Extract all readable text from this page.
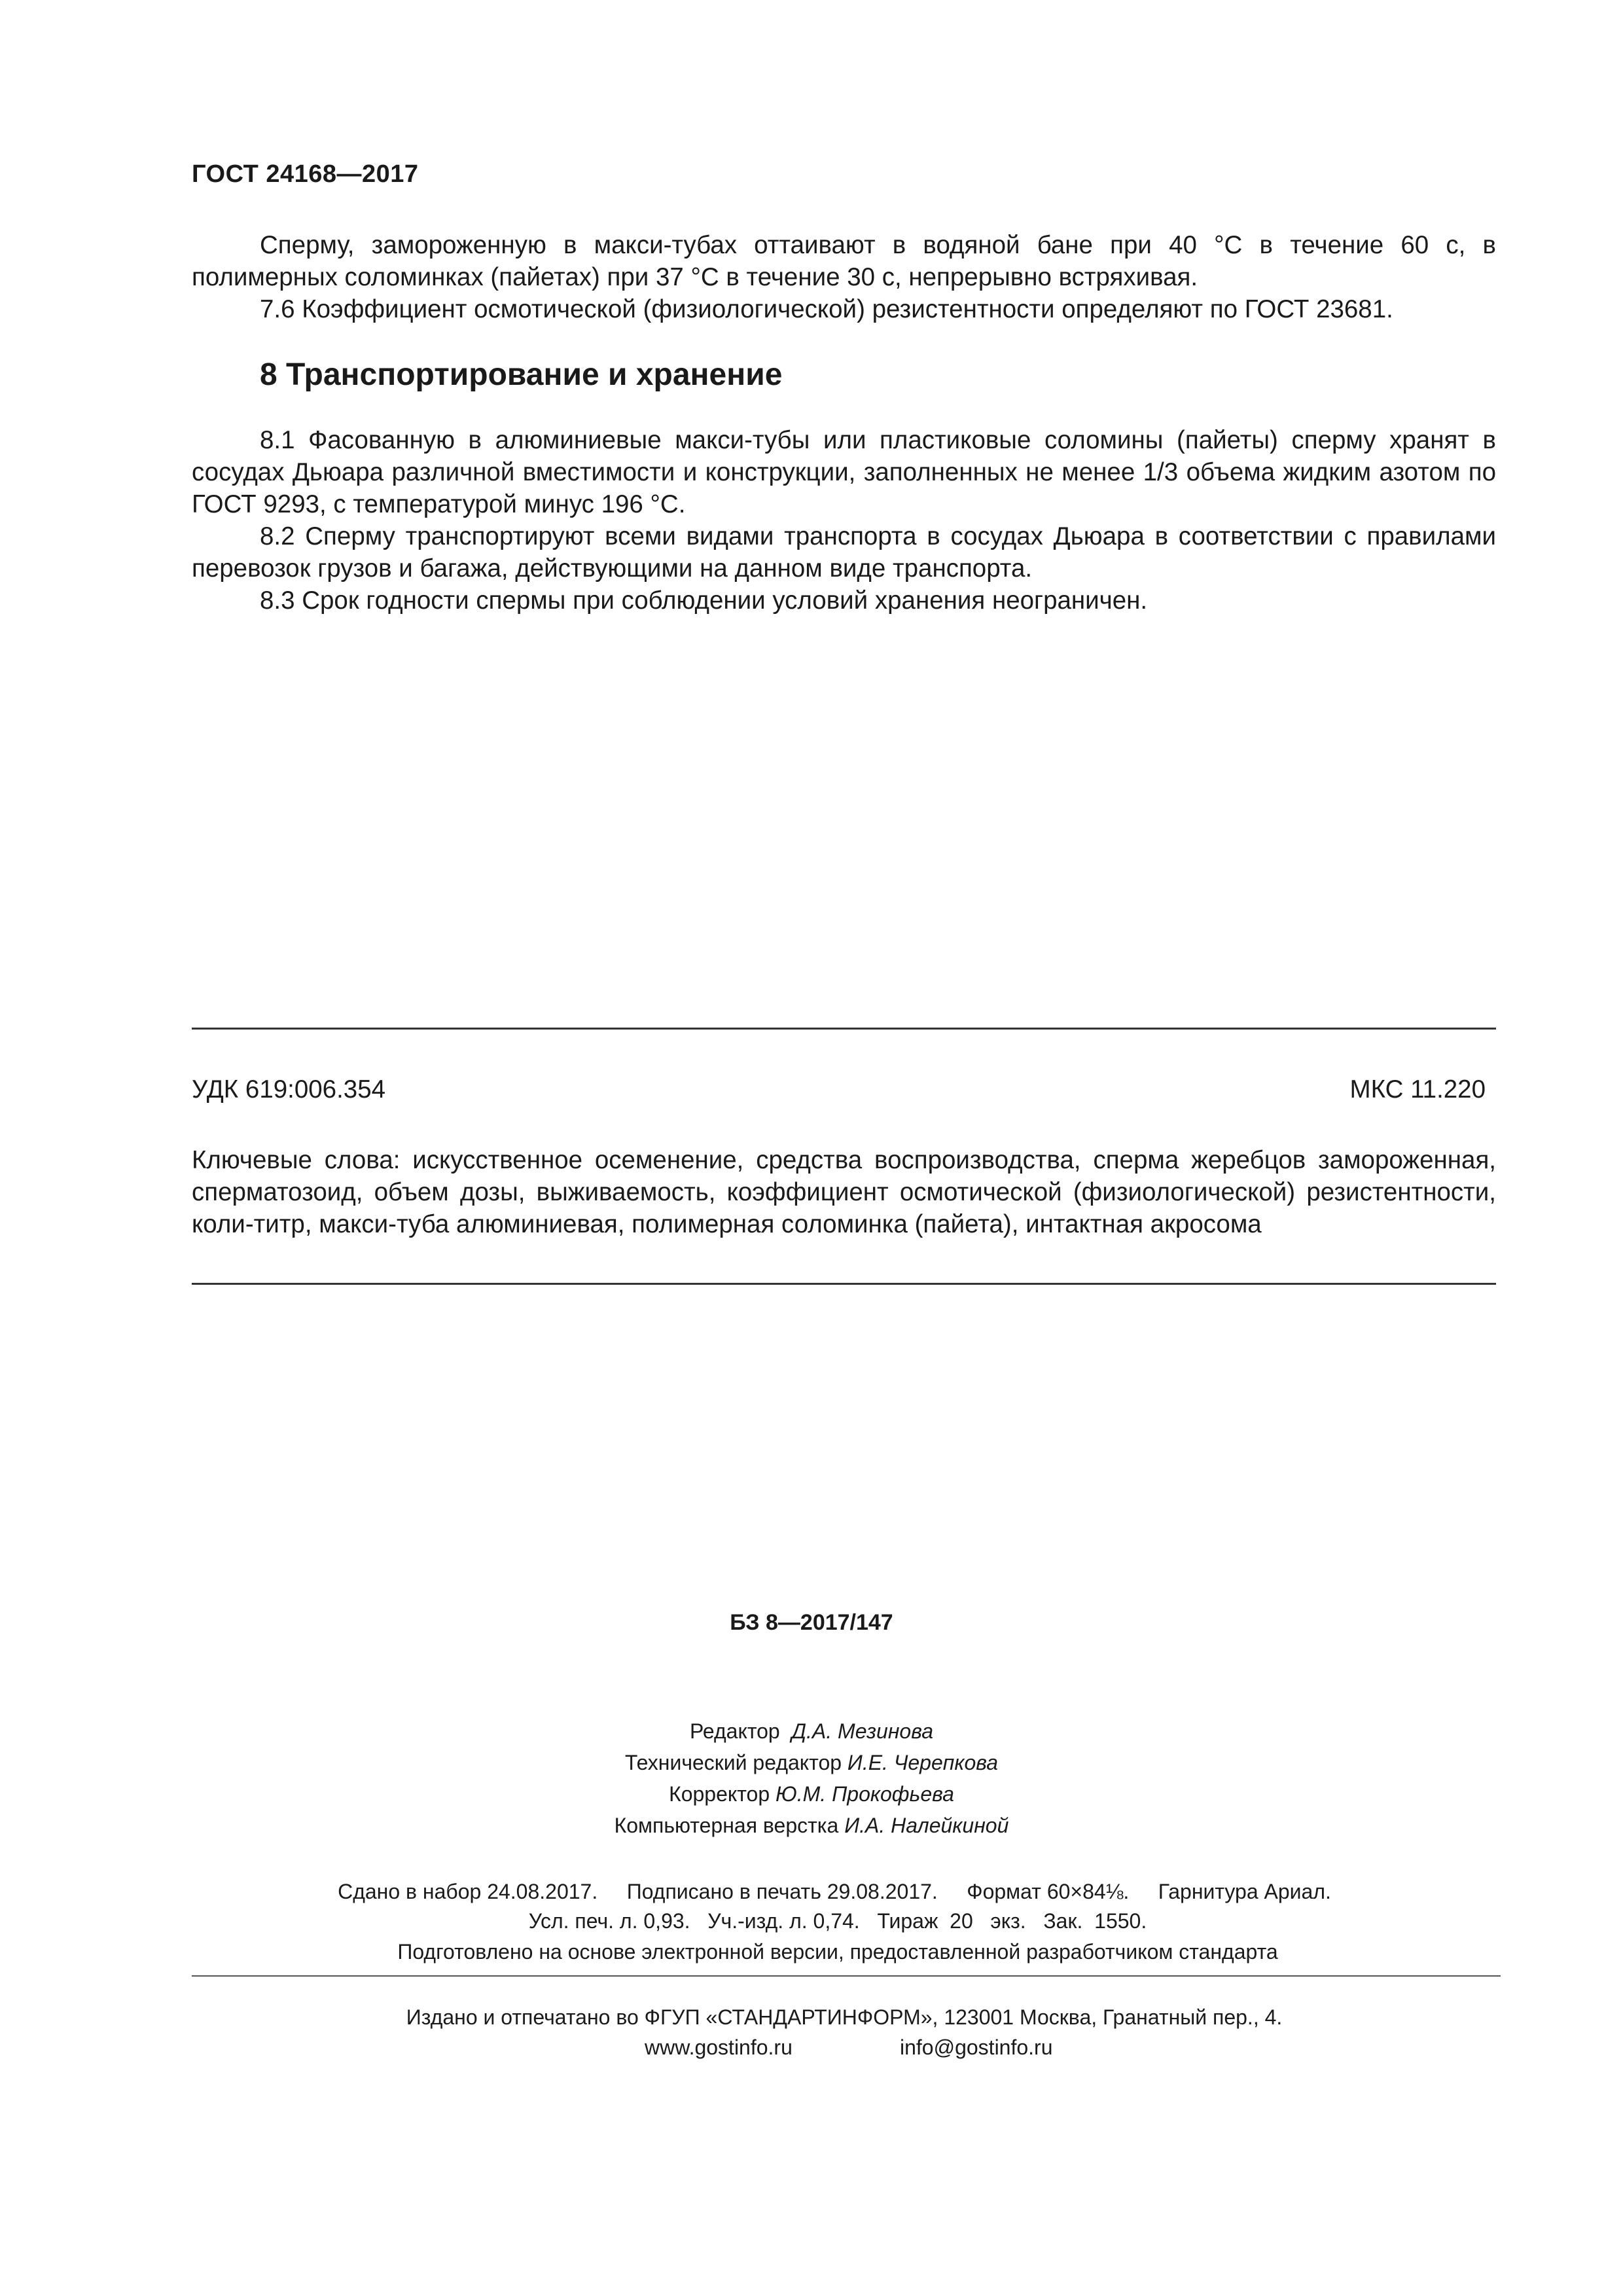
ГОСТ 24168—2017
Сперму, замороженную в макси-тубах оттаивают в водяной бане при 40 °С в течение 60 с, в полимерных соломинках (пайетах) при 37 °С в течение 30 с, непрерывно встряхивая.
7.6 Коэффициент осмотической (физиологической) резистентности определяют по ГОСТ 23681.
8 Транспортирование и хранение
8.1 Фасованную в алюминиевые макси-тубы или пластиковые соломины (пайеты) сперму хранят в сосудах Дьюара различной вместимости и конструкции, заполненных не менее 1/3 объема жидким азотом по ГОСТ 9293, с температурой минус 196 °С.
8.2 Сперму транспортируют всеми видами транспорта в сосудах Дьюара в соответствии с правилами перевозок грузов и багажа, действующими на данном виде транспорта.
8.3 Срок годности спермы при соблюдении условий хранения неограничен.
УДК 619:006.354	МКС 11.220
Ключевые слова: искусственное осеменение, средства воспроизводства, сперма жеребцов замороженная, сперматозоид, объем дозы, выживаемость, коэффициент осмотической (физиологической) резистентности, коли-титр, макси-туба алюминиевая, полимерная соломинка (пайета), интактная акросома
БЗ 8—2017/147
Редактор Д.А. Мезинова
Технический редактор И.Е. Черепкова
Корректор Ю.М. Прокофьева
Компьютерная верстка И.А. Налейкиной
Сдано в набор 24.08.2017.     Подписано в печать 29.08.2017.     Формат 60×84⅛.     Гарнитура Ариал.
Усл. печ. л. 0,93.   Уч.-изд. л. 0,74.   Тираж  20   экз.   Зак.  1550.
Подготовлено на основе электронной версии, предоставленной разработчиком стандарта
Издано и отпечатано во ФГУП «СТАНДАРТИНФОРМ», 123001 Москва, Гранатный пер., 4.
www.gostinfo.ru	info@gostinfo.ru
